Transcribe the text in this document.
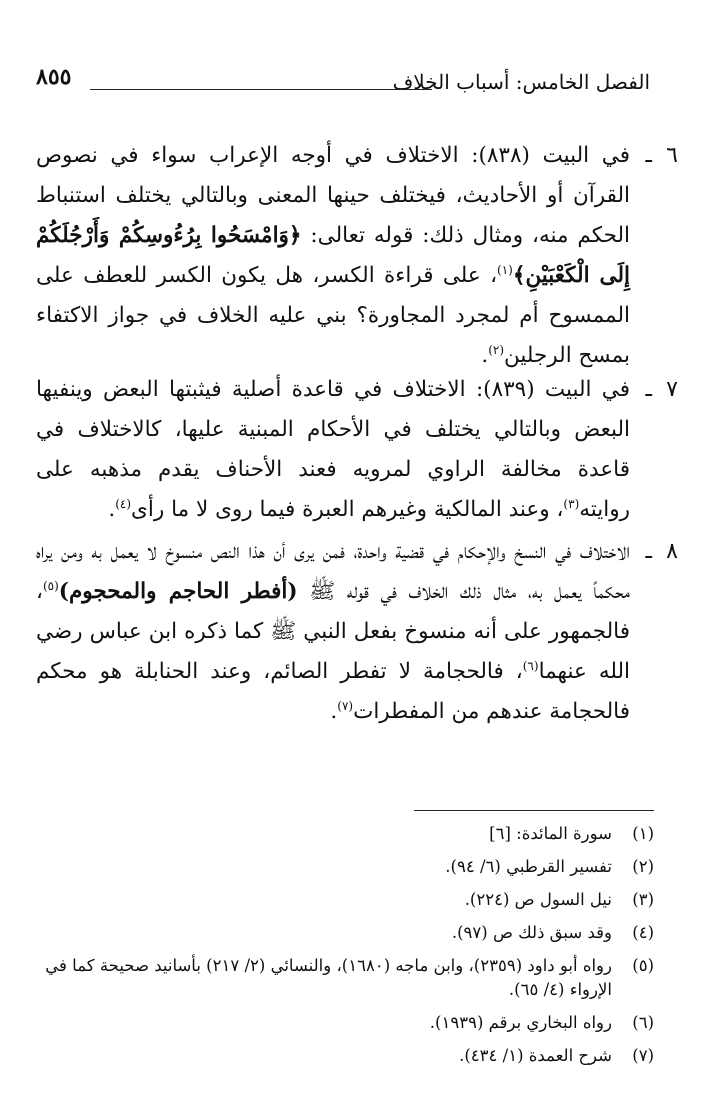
الفصل الخامس: أسباب الخلاف
٨٥٥
٦
ـ
في البيت (٨٣٨): الاختلاف في أوجه الإعراب سواء في نصوص القرآن أو الأحاديث، فيختلف حينها المعنى وبالتالي يختلف استنباط الحكم منه، ومثال ذلك: قوله تعالى: ﴿وَامْسَحُوا بِرُءُوسِكُمْ وَأَرْجُلَكُمْ إِلَى الْكَعْبَيْنِ﴾$^{(١)}$، على قراءة الكسر، هل يكون الكسر للعطف على الممسوح أم لمجرد المجاورة؟ بني عليه الخلاف في جواز الاكتفاء بمسح الرجلين$^{(٢)}$.
٧
ـ
في البيت (٨٣٩): الاختلاف في قاعدة أصلية فيثبتها البعض وينفيها البعض وبالتالي يختلف في الأحكام المبنية عليها، كالاختلاف في قاعدة مخالفة الراوي لمرويه فعند الأحناف يقدم مذهبه على روايته$^{(٣)}$، وعند المالكية وغيرهم العبرة فيما روى لا ما رأى$^{(٤)}$.
٨
ـ
الاختلاف في النسخ والإحكام في قضية واحدة، فمن يرى أن هذا النص منسوخ لا يعمل به ومن يراه محكماً يعمل به، مثال ذلك الخلاف في قوله ﷺ (أفطر الحاجم والمحجوم)$^{(٥)}$، فالجمهور على أنه منسوخ بفعل النبي ﷺ كما ذكره ابن عباس رضي الله عنهما$^{(٦)}$، فالحجامة لا تفطر الصائم، وعند الحنابلة هو محكم فالحجامة عندهم من المفطرات$^{(٧)}$.
(١)
سورة المائدة: [٦]
(٢)
تفسير القرطبي (٦/ ٩٤).
(٣)
نيل السول ص (٢٢٤).
(٤)
وقد سبق ذلك ص (٩٧).
(٥)
رواه أبو داود (٢٣٥٩)، وابن ماجه (١٦٨٠)، والنسائي (٢/ ٢١٧) بأسانيد صحيحة كما في الإرواء (٤/ ٦٥).
(٦)
رواه البخاري برقم (١٩٣٩).
(٧)
شرح العمدة (١/ ٤٣٤).
